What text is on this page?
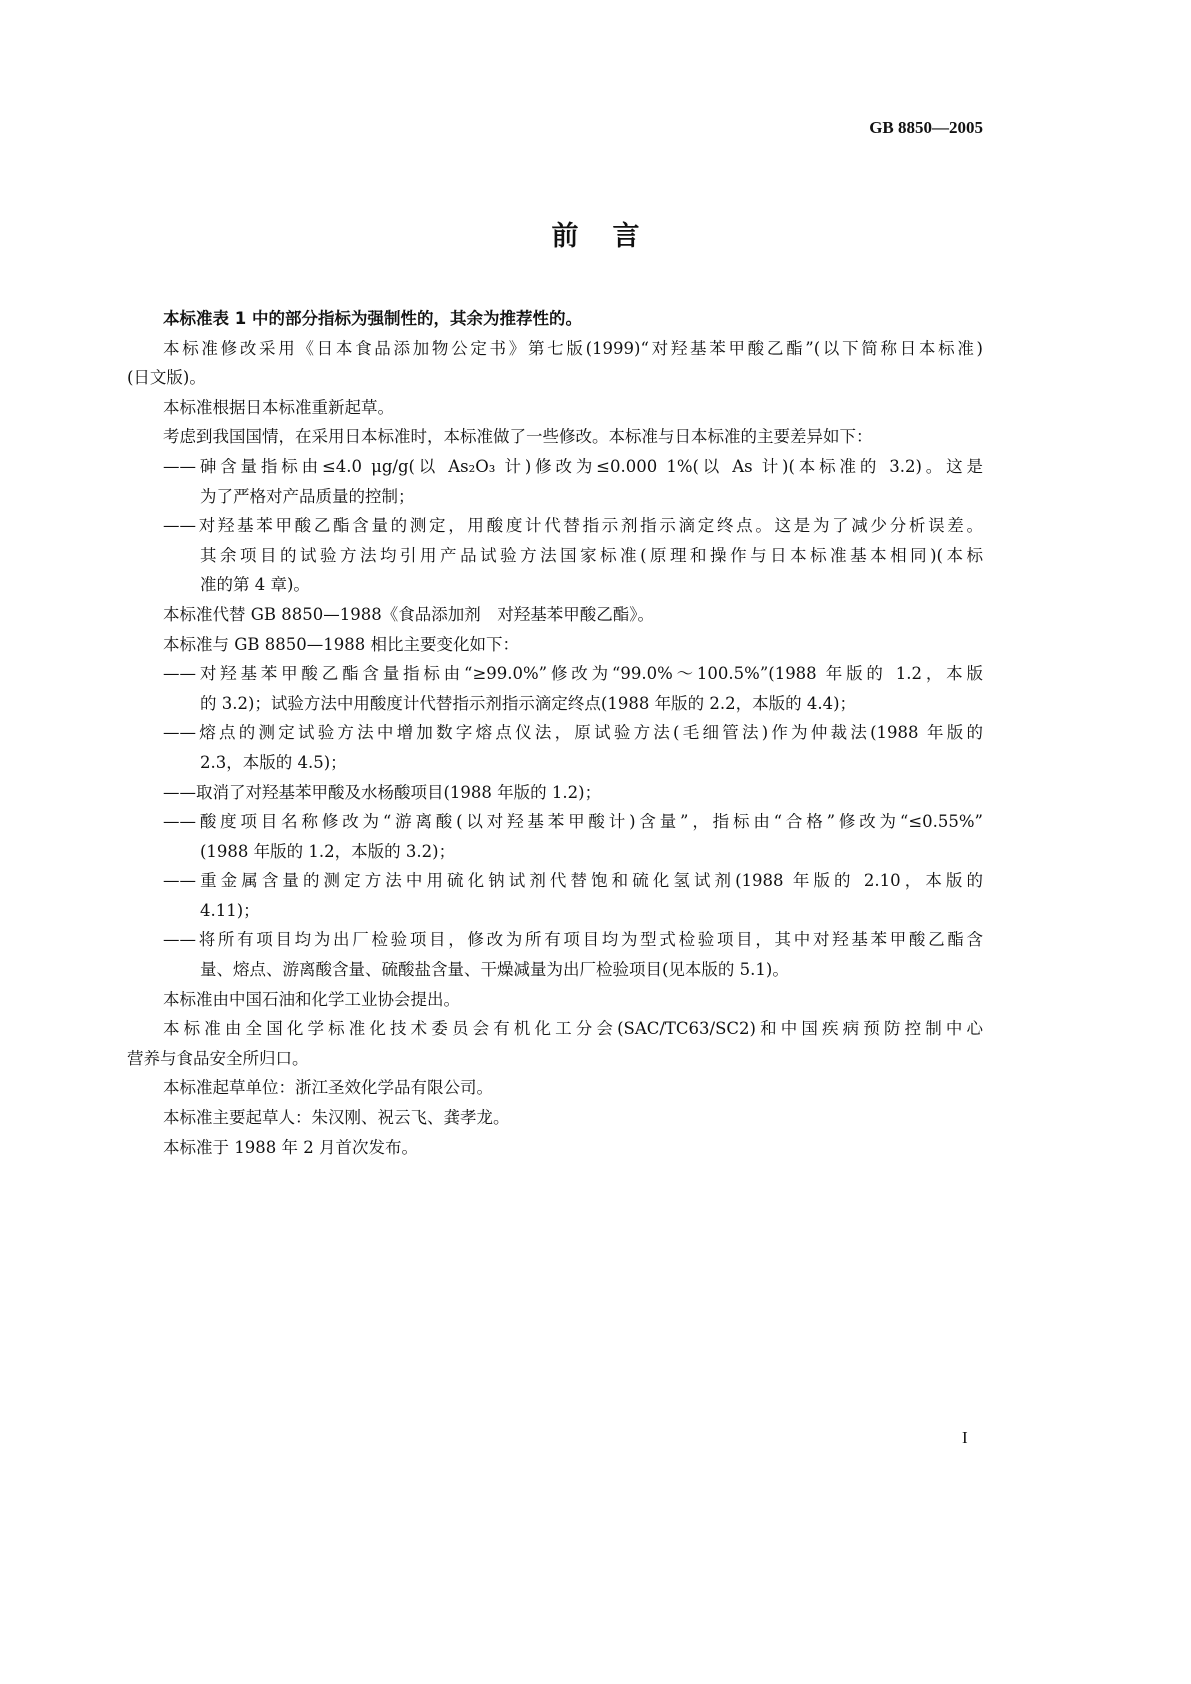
GB 8850—2005
前言
本标准表 1 中的部分指标为强制性的，其余为推荐性的。
本标准修改采用《日本食品添加物公定书》第七版(1999)“对羟基苯甲酸乙酯”(以下简称日本标准)
(日文版)。
本标准根据日本标准重新起草。
考虑到我国国情，在采用日本标准时，本标准做了一些修改。本标准与日本标准的主要差异如下：
——砷含量指标由≤4.0 μg/g(以 As₂O₃ 计)修改为≤0.000 1%(以 As 计)(本标准的 3.2)。这是
为了严格对产品质量的控制；
——对羟基苯甲酸乙酯含量的测定，用酸度计代替指示剂指示滴定终点。这是为了减少分析误差。
其余项目的试验方法均引用产品试验方法国家标准(原理和操作与日本标准基本相同)(本标
准的第 4 章)。
本标准代替 GB 8850—1988《食品添加剂　对羟基苯甲酸乙酯》。
本标准与 GB 8850—1988 相比主要变化如下：
——对羟基苯甲酸乙酯含量指标由“≥99.0%”修改为“99.0%～100.5%”(1988 年版的 1.2，本版
的 3.2)；试验方法中用酸度计代替指示剂指示滴定终点(1988 年版的 2.2，本版的 4.4)；
——熔点的测定试验方法中增加数字熔点仪法，原试验方法(毛细管法)作为仲裁法(1988 年版的
2.3，本版的 4.5)；
——取消了对羟基苯甲酸及水杨酸项目(1988 年版的 1.2)；
——酸度项目名称修改为“游离酸(以对羟基苯甲酸计)含量”，指标由“合格”修改为“≤0.55%”
(1988 年版的 1.2，本版的 3.2)；
——重金属含量的测定方法中用硫化钠试剂代替饱和硫化氢试剂(1988 年版的 2.10，本版的
4.11)；
——将所有项目均为出厂检验项目，修改为所有项目均为型式检验项目，其中对羟基苯甲酸乙酯含
量、熔点、游离酸含量、硫酸盐含量、干燥减量为出厂检验项目(见本版的 5.1)。
本标准由中国石油和化学工业协会提出。
本标准由全国化学标准化技术委员会有机化工分会(SAC/TC63/SC2)和中国疾病预防控制中心
营养与食品安全所归口。
本标准起草单位：浙江圣效化学品有限公司。
本标准主要起草人：朱汉刚、祝云飞、龚孝龙。
本标准于 1988 年 2 月首次发布。
I
